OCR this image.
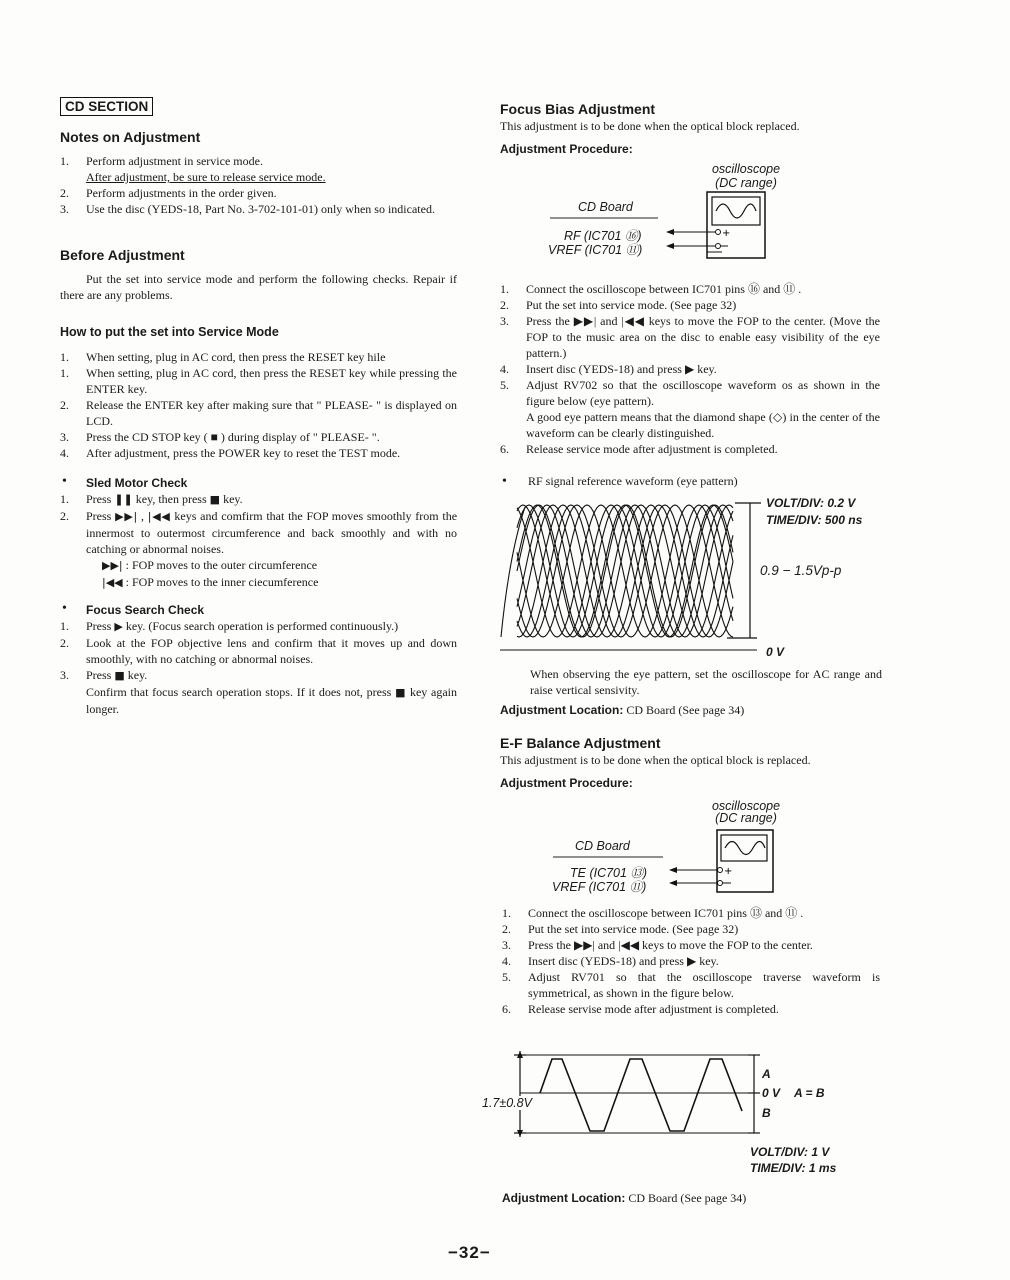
CD SECTION
Notes on Adjustment
1. Perform adjustment in service mode.
After adjustment, be sure to release service mode.
2. Perform adjustments in the order given.
3. Use the disc (YEDS-18, Part No. 3-702-101-01) only when so indicated.
Before Adjustment
Put the set into service mode and perform the following checks. Repair if there are any problems.
How to put the set into Service Mode
1. When setting, plug in AC cord, then press the RESET key hile
1. When setting, plug in AC cord, then press the RESET key while pressing the ENTER key.
2. Release the ENTER key after making sure that " PLEASE- " is displayed on LCD.
3. Press the CD STOP key ( ■ ) during display of " PLEASE- ".
4. After adjustment, press the POWER key to reset the TEST mode.
• Sled Motor Check
1. Press ❚❚ key, then press ■ key.
2. Press ▶▶| , |◀◀ keys and comfirm that the FOP moves smoothly from the innermost to outermost circumference and back smoothly and with no catching or abnormal noises.
▶▶| : FOP moves to the outer circumference
|◀◀ : FOP moves to the inner ciecumference
• Focus Search Check
1. Press ▶ key. (Focus search operation is performed continuously.)
2. Look at the FOP objective lens and confirm that it moves up and down smoothly, with no catching or abnormal noises.
3. Press ■ key.
Confirm that focus search operation stops. If it does not, press ■ key again longer.
Focus Bias Adjustment
This adjustment is to be done when the optical block replaced.
Adjustment Procedure:
oscilloscope
(DC range)
CD Board
RF (IC701 ⑯)
VREF (IC701 ⑪)
+
1. Connect the oscilloscope between IC701 pins ⑯ and ⑪ .
2. Put the set into service mode. (See page 32)
3. Press the ▶▶| and |◀◀ keys to move the FOP to the center. (Move the FOP to the music area on the disc to enable easy visibility of the eye pattern.)
4. Insert disc (YEDS-18) and press ▶ key.
5. Adjust RV702 so that the oscilloscope waveform os as shown in the figure below (eye pattern).
A good eye pattern means that the diamond shape (◇) in the center of the waveform can be clearly distinguished.
6. Release service mode after adjustment is completed.
• RF signal reference waveform (eye pattern)
VOLT/DIV: 0.2 V
TIME/DIV: 500 ns
0.9 − 1.5Vp-p
0 V
When observing the eye pattern, set the oscilloscope for AC range and raise vertical sensivity.
Adjustment Location: CD Board (See page 34)
E-F Balance Adjustment
This adjustment is to be done when the optical block is replaced.
Adjustment Procedure:
oscilloscope
(DC range)
CD Board
TE (IC701 ⑬)
VREF (IC701 ⑪)
+
1. Connect the oscilloscope between IC701 pins ⑬ and ⑪ .
2. Put the set into service mode. (See page 32)
3. Press the ▶▶| and |◀◀ keys to move the FOP to the center.
4. Insert disc (YEDS-18) and press ▶ key.
5. Adjust RV701 so that the oscilloscope traverse waveform is symmetrical, as shown in the figure below.
6. Release servise mode after adjustment is completed.
1.7±0.8V
A
0 V A = B
B
VOLT/DIV: 1 V
TIME/DIV: 1 ms
Adjustment Location: CD Board (See page 34)
−32−
